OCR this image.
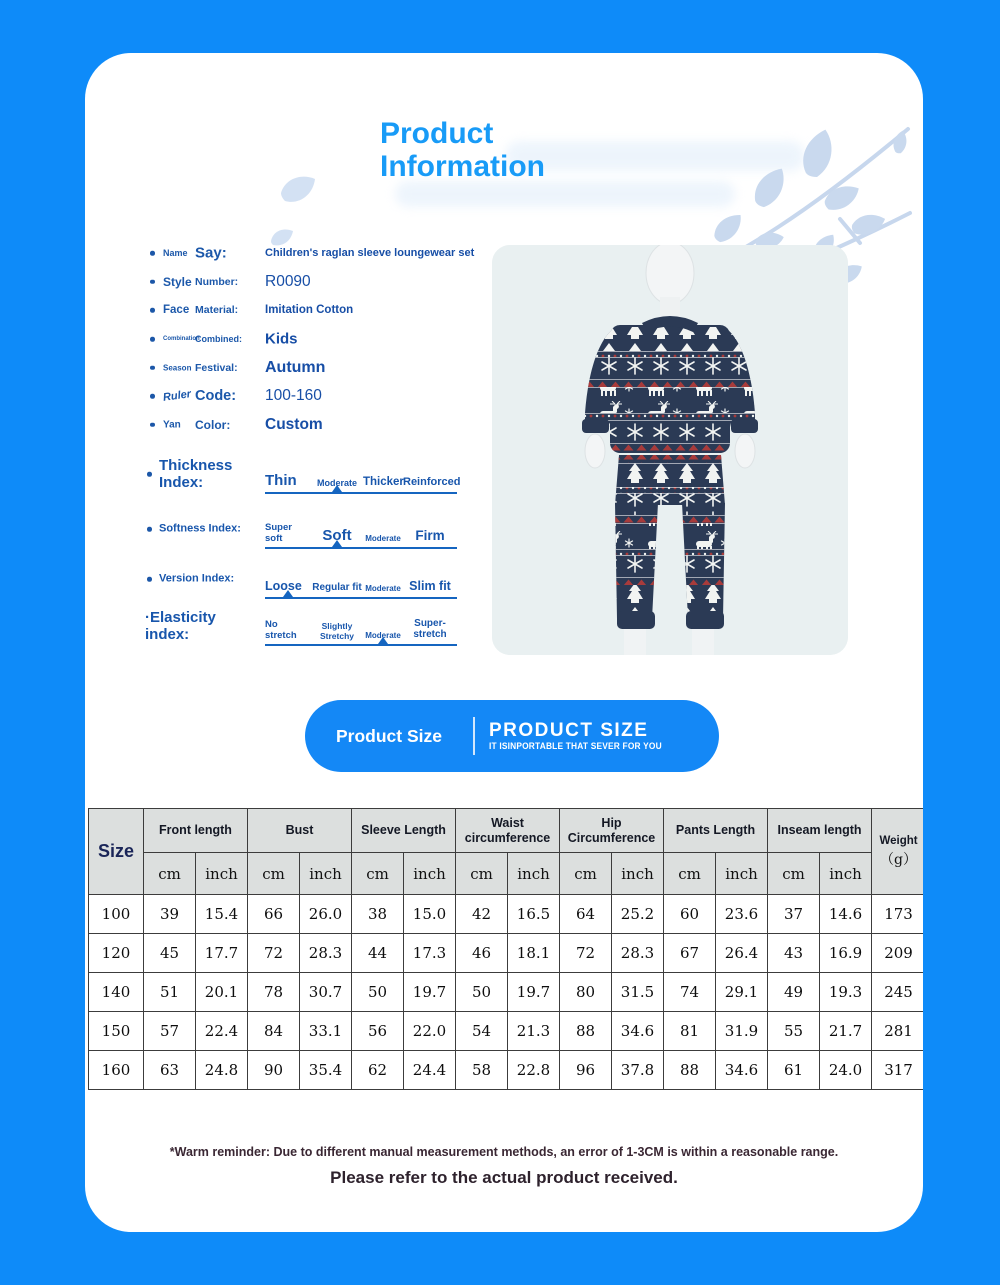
Product
Information
Name Say:	Children's raglan sleeve loungewear set
Style Number: R0090
Face Material: Imitation Cotton
Combination
Combined: Kids
Season Festival: Autumn
Ruler Code: 100-160
Yan Color: Custom
Thickness Index:	Thin	Moderate Thicker Reinforced
Softness Index:	Super soft	Soft	Moderate	Firm
Version Index:
Loose	Regular fit Moderate Slim fit
·Elasticity index:
No stretch
Slightly Stretchy	Moderate
Super-stretch
Product Size	PRODUCT SIZE
IT ISINPORTABLE THAT SEVER FOR YOU
Size	Front length		Bust		Sleeve Length		Waist circumference		Hip Circumference		Pants Length		Inseam length		Weight
（g）

	cm	inch	cm	inch	cm	inch	cm	inch	cm	inch	cm	inch	cm	inch	
100	39	15.4	66	26.0	38	15.0	42	16.5	64	25.2	60	23.6	37	14.6	173
120	45	17.7	72	28.3	44	17.3	46	18.1	72	28.3	67	26.4	43	16.9	209
140	51	20.1	78	30.7	50	19.7	50	19.7	80	31.5	74	29.1	49	19.3	245
150	57	22.4	84	33.1	56	22.0	54	21.3	88	34.6	81	31.9	55	21.7	281
160	63	24.8	90	35.4	62	24.4	58	22.8	96	37.8	88	34.6	61	24.0	317
*Warm reminder: Due to different manual measurement methods, an error of 1-3CM is within a reasonable range.
Please refer to the actual product received.
